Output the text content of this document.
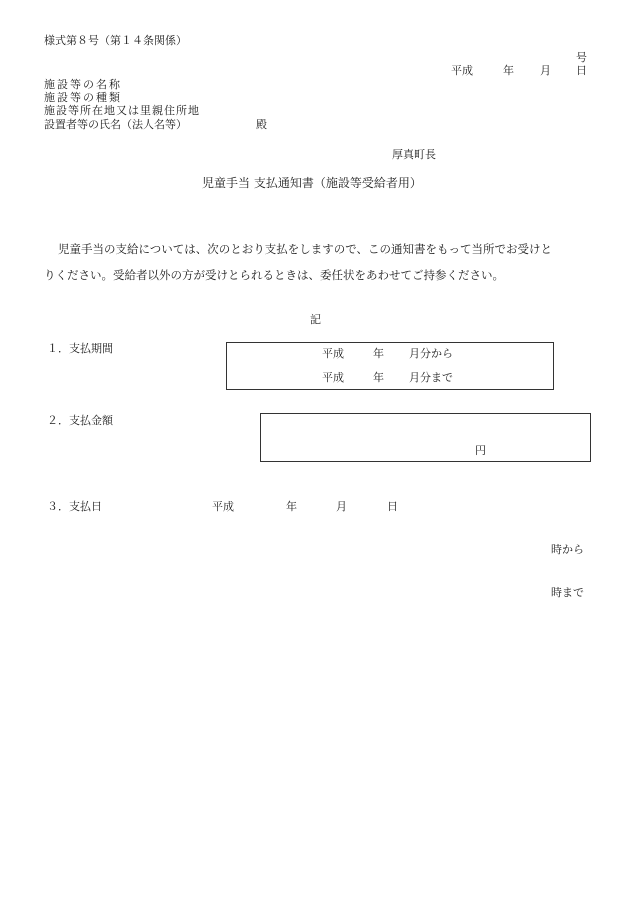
様式第８号（第１４条関係）
号
平成	年 月 日
施設等の名称
施設等の種類
施設等所在地又は里親住所地
設置者等の氏名（法人名等）	殿
厚真町長
児童手当 支払通知書（施設等受給者用）
児童手当の支給については、次のとおり支払をしますので、この通知書をもって当所でお受けと
りください。受給者以外の方が受けとられるときは、委任状をあわせてご持参ください。
記
１．支払期間	平成	年 月分から
平成	年 月分まで
２．支払金額
円
３．支払日	平成	年	月	日
時から
時まで
